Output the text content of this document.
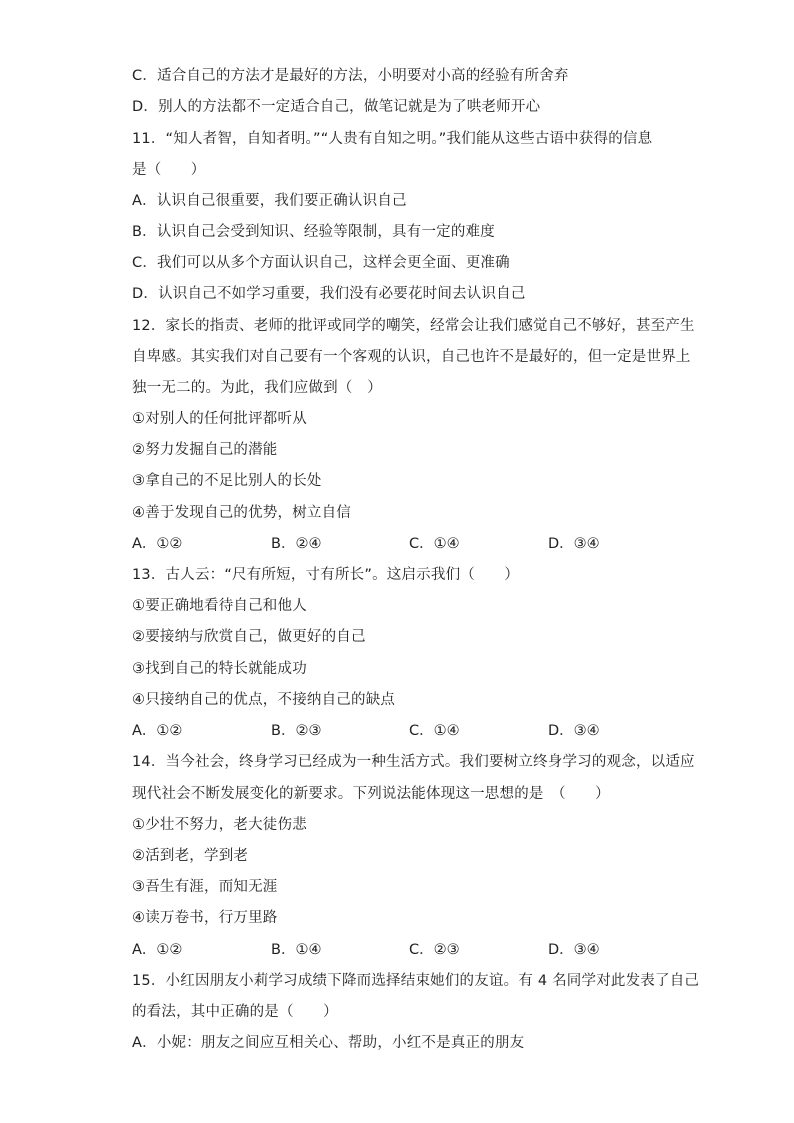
C．适合自己的方法才是最好的方法，小明要对小高的经验有所舍弃
D．别人的方法都不一定适合自己，做笔记就是为了哄老师开心
11．“知人者智，自知者明。”“人贵有自知之明。”我们能从这些古语中获得的信息
是（　　）
A．认识自己很重要，我们要正确认识自己
B．认识自己会受到知识、经验等限制，具有一定的难度
C．我们可以从多个方面认识自己，这样会更全面、更准确
D．认识自己不如学习重要，我们没有必要花时间去认识自己
12．家长的指责、老师的批评或同学的嘲笑，经常会让我们感觉自己不够好，甚至产生
自卑感。其实我们对自己要有一个客观的认识，自己也许不是最好的，但一定是世界上
独一无二的。为此，我们应做到（　）
①对别人的任何批评都听从
②努力发掘自己的潜能
③拿自己的不足比别人的长处
④善于发现自己的优势，树立自信
A．①②	B．②④	C．①④	D．③④
13．古人云：“尺有所短，寸有所长”。这启示我们（　　）
①要正确地看待自己和他人
②要接纳与欣赏自己，做更好的自己
③找到自己的特长就能成功
④只接纳自己的优点，不接纳自己的缺点
A．①②	B．②③	C．①④	D．③④
14．当今社会，终身学习已经成为一种生活方式。我们要树立终身学习的观念，以适应
现代社会不断发展变化的新要求。下列说法能体现这一思想的是　（　　）
①少壮不努力，老大徒伤悲
②活到老，学到老
③吾生有涯，而知无涯
④读万卷书，行万里路
A．①②	B．①④	C．②③	D．③④
15．小红因朋友小莉学习成绩下降而选择结束她们的友谊。有 4 名同学对此发表了自己
的看法，其中正确的是（　　）
A．小妮：朋友之间应互相关心、帮助，小红不是真正的朋友
